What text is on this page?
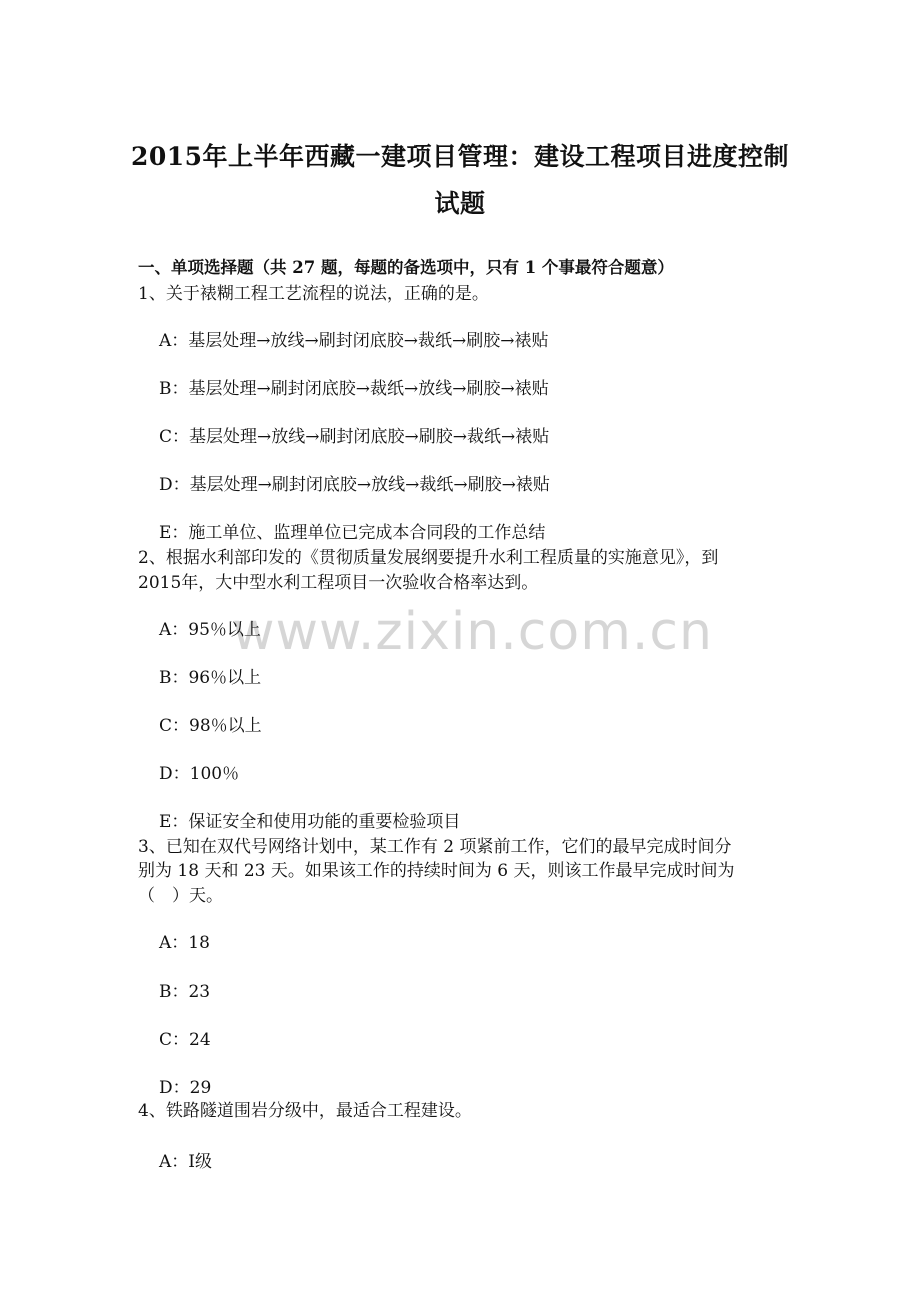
2015年上半年西藏一建项目管理：建设工程项目进度控制
试题
一、单项选择题（共 27 题，每题的备选项中，只有 1 个事最符合题意）
1、关于裱糊工程工艺流程的说法，正确的是。
A：基层处理→放线→刷封闭底胶→裁纸→刷胶→裱贴
B：基层处理→刷封闭底胶→裁纸→放线→刷胶→裱贴
C：基层处理→放线→刷封闭底胶→刷胶→裁纸→裱贴
D：基层处理→刷封闭底胶→放线→裁纸→刷胶→裱贴
E：施工单位、监理单位已完成本合同段的工作总结
2、根据水利部印发的《贯彻质量发展纲要提升水利工程质量的实施意见》，到
2015年，大中型水利工程项目一次验收合格率达到。
www.zixin.com.cn
A：95％以上
B：96％以上
C：98％以上
D：100％
E：保证安全和使用功能的重要检验项目
3、已知在双代号网络计划中，某工作有 2 项紧前工作，它们的最早完成时间分
别为 18 天和 23 天。如果该工作的持续时间为 6 天，则该工作最早完成时间为
（　）天。
A：18
B：23
C：24
D：29
4、铁路隧道围岩分级中，最适合工程建设。
A：Ⅰ级
